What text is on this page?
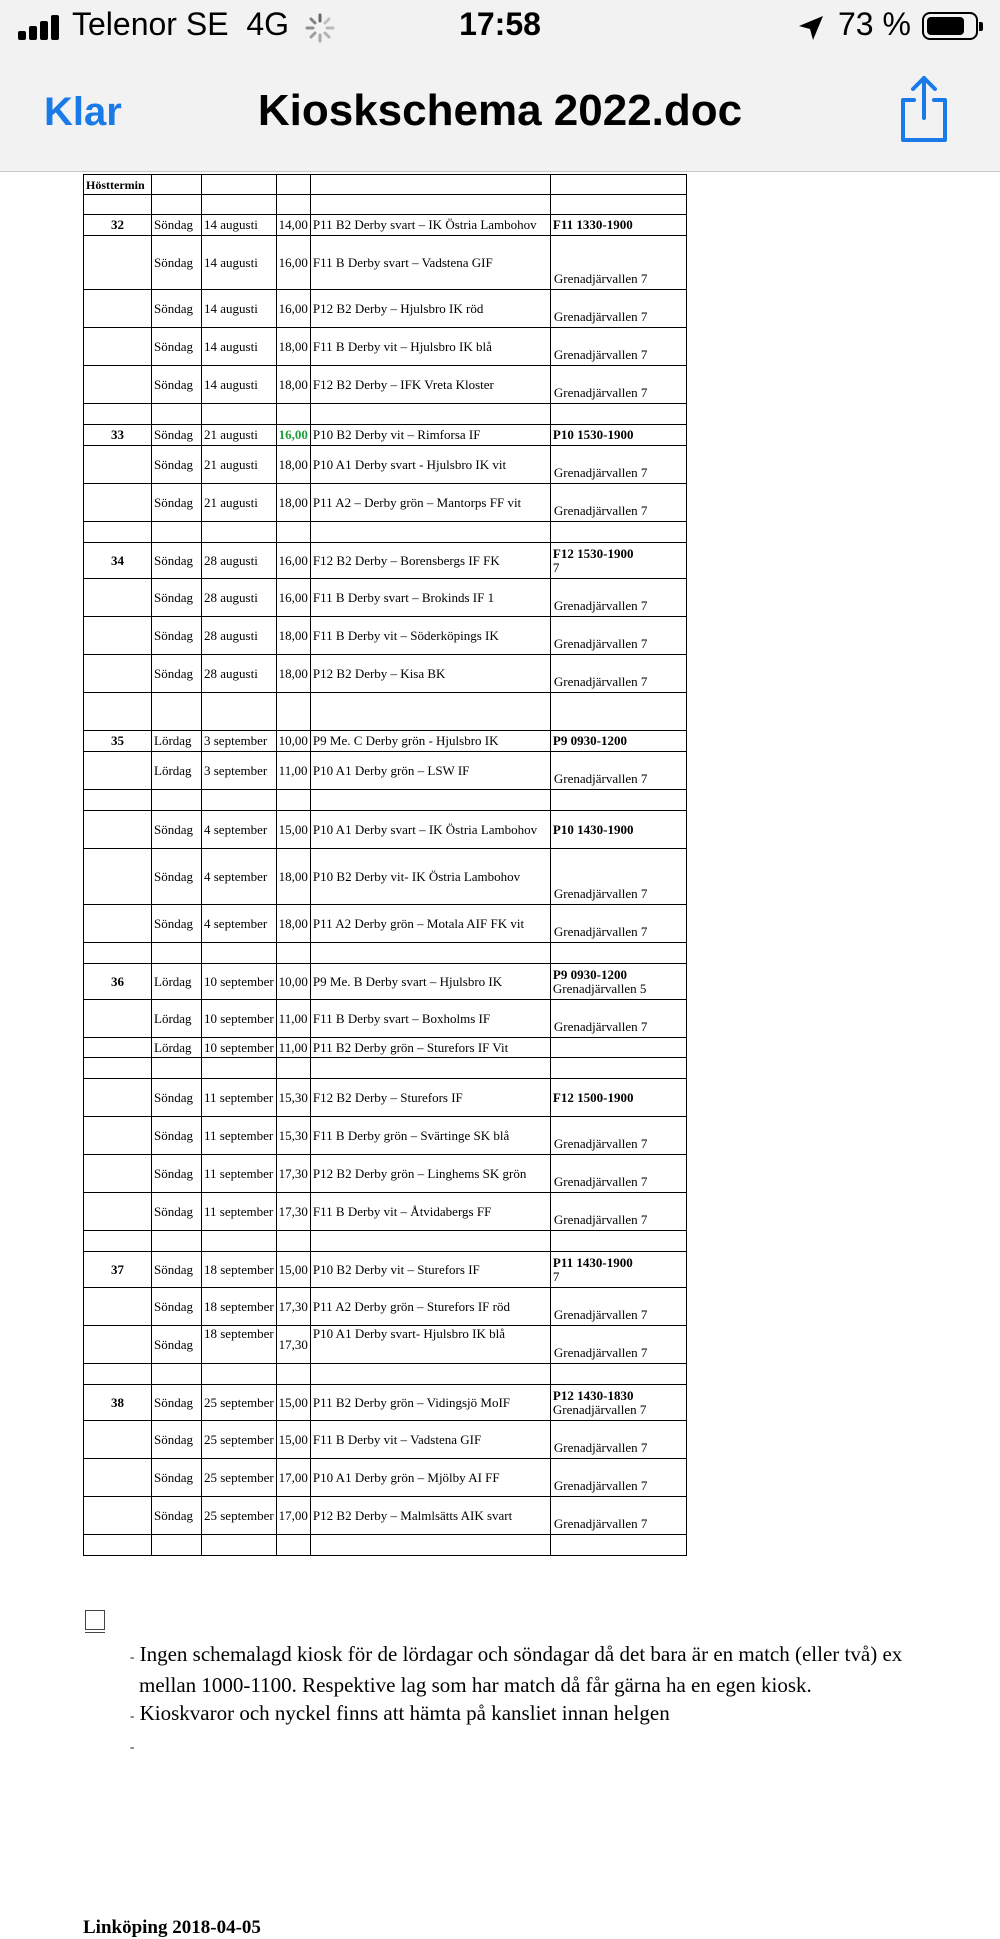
Telenor SE 4G	17:58	73 %
Klar	Kioskschema 2022.doc
Hösttermin					

32	Söndag	14 augusti	14,00	P11 B2 Derby svart – IK Östria Lambohov	F11 1330-1900

	Söndag	14 augusti	16,00	F11 B Derby svart – Vadstena GIF	Grenadjärvallen 7

	Söndag	14 augusti	16,00	P12 B2 Derby – Hjulsbro IK röd	Grenadjärvallen 7

	Söndag	14 augusti	18,00	F11 B Derby vit – Hjulsbro IK blå	Grenadjärvallen 7

	Söndag	14 augusti	18,00	F12 B2 Derby – IFK Vreta Kloster	Grenadjärvallen 7

33	Söndag	21 augusti	16,00	P10 B2 Derby vit – Rimforsa IF	P10 1530-1900

	Söndag	21 augusti	18,00	P10 A1 Derby svart - Hjulsbro IK vit	Grenadjärvallen 7

	Söndag	21 augusti	18,00	P11 A2 – Derby grön – Mantorps FF vit	Grenadjärvallen 7

34	Söndag	28 augusti	16,00	F12 B2 Derby – Borensbergs IF FK	F12 1530-1900
7

	Söndag	28 augusti	16,00	F11 B Derby svart – Brokinds IF 1	Grenadjärvallen 7

	Söndag	28 augusti	18,00	F11 B Derby vit – Söderköpings IK	Grenadjärvallen 7

	Söndag	28 augusti	18,00	P12 B2 Derby – Kisa BK	Grenadjärvallen 7

35	Lördag	3 september	10,00	P9 Me. C Derby grön - Hjulsbro IK	P9 0930-1200

	Lördag	3 september	11,00	P10 A1 Derby grön – LSW IF	Grenadjärvallen 7

	Söndag	4 september	15,00	P10 A1 Derby svart – IK Östria Lambohov	P10 1430-1900

	Söndag	4 september	18,00	P10 B2 Derby vit- IK Östria Lambohov	Grenadjärvallen 7

	Söndag	4 september	18,00	P11 A2 Derby grön – Motala AIF FK vit	Grenadjärvallen 7

36	Lördag	10 september	10,00	P9 Me. B Derby svart – Hjulsbro IK	P9 0930-1200
Grenadjärvallen 5

	Lördag	10 september	11,00	F11 B Derby svart – Boxholms IF	Grenadjärvallen 7

	Lördag	10 september	11,00	P11 B2 Derby grön – Sturefors IF Vit	

	Söndag	11 september	15,30	F12 B2 Derby – Sturefors IF	F12 1500-1900

	Söndag	11 september	15,30	F11 B Derby grön – Svärtinge SK blå	Grenadjärvallen 7

	Söndag	11 september	17,30	P12 B2 Derby grön – Linghems SK grön	Grenadjärvallen 7

	Söndag	11 september	17,30	F11 B Derby vit – Åtvidabergs FF	Grenadjärvallen 7

37	Söndag	18 september	15,00	P10 B2 Derby vit – Sturefors IF	P11 1430-1900
7

	Söndag	18 september	17,30	P11 A2 Derby grön – Sturefors IF röd	Grenadjärvallen 7

	Söndag	18 september	17,30	P10 A1 Derby svart- Hjulsbro IK blå	Grenadjärvallen 7

38	Söndag	25 september	15,00	P11 B2 Derby grön – Vidingsjö MoIF	P12 1430-1830
Grenadjärvallen 7

	Söndag	25 september	15,00	F11 B Derby vit – Vadstena GIF	Grenadjärvallen 7

	Söndag	25 september	17,00	P10 A1 Derby grön – Mjölby AI FF	Grenadjärvallen 7

	Söndag	25 september	17,00	P12 B2 Derby – Malmlsätts AIK svart	Grenadjärvallen 7

- Ingen schemalagd kiosk för de lördagar och söndagar då det bara är en match (eller två) ex
mellan 1000-1100. Respektive lag som har match då får gärna ha en egen kiosk.
- Kioskvaror och nyckel finns att hämta på kansliet innan helgen
-
Linköping 2018-04-05
